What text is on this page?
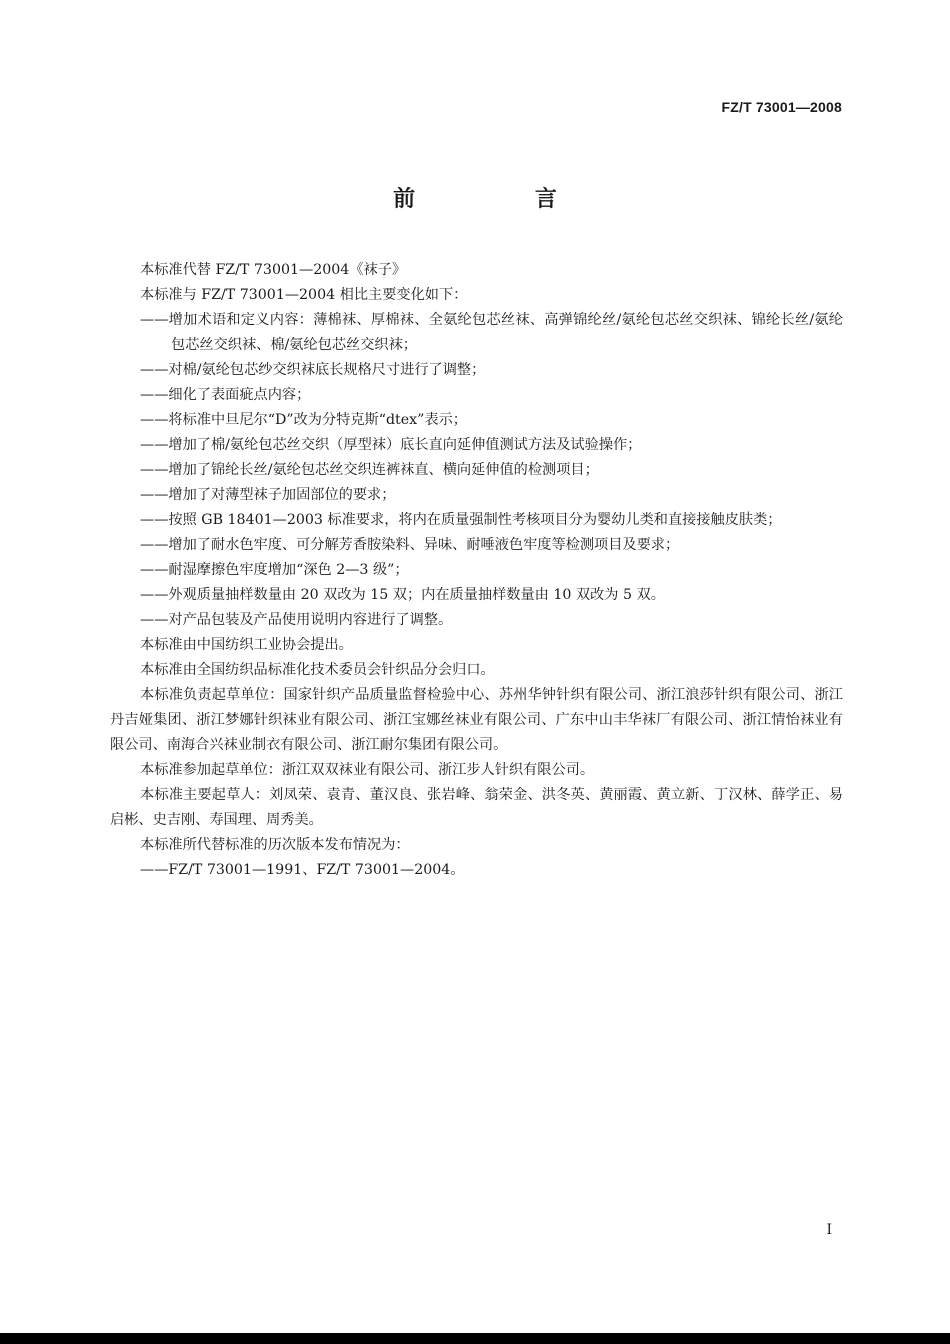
FZ/T 73001—2008
前 言

本标准代替 FZ/T 73001—2004《袜子》

本标准与 FZ/T 73001—2004 相比主要变化如下：

——增加术语和定义内容：薄棉袜、厚棉袜、全氨纶包芯丝袜、高弹锦纶丝/氨纶包芯丝交织袜、锦纶长丝/氨纶包芯丝交织袜、棉/氨纶包芯丝交织袜；

——对棉/氨纶包芯纱交织袜底长规格尺寸进行了调整；

——细化了表面疵点内容；

——将标准中旦尼尔“D”改为分特克斯“dtex”表示；

——增加了棉/氨纶包芯丝交织（厚型袜）底长直向延伸值测试方法及试验操作；

——增加了锦纶长丝/氨纶包芯丝交织连裤袜直、横向延伸值的检测项目；

——增加了对薄型袜子加固部位的要求；

——按照 GB 18401—2003 标准要求，将内在质量强制性考核项目分为婴幼儿类和直接接触皮肤类；

——增加了耐水色牢度、可分解芳香胺染料、异味、耐唾液色牢度等检测项目及要求；

——耐湿摩擦色牢度增加“深色 2—3 级”；

——外观质量抽样数量由 20 双改为 15 双；内在质量抽样数量由 10 双改为 5 双。

——对产品包装及产品使用说明内容进行了调整。

本标准由中国纺织工业协会提出。

本标准由全国纺织品标准化技术委员会针织品分会归口。

本标准负责起草单位：国家针织产品质量监督检验中心、苏州华钟针织有限公司、浙江浪莎针织有限公司、浙江丹吉娅集团、浙江梦娜针织袜业有限公司、浙江宝娜丝袜业有限公司、广东中山丰华袜厂有限公司、浙江情怡袜业有限公司、南海合兴袜业制衣有限公司、浙江耐尔集团有限公司。

本标准参加起草单位：浙江双双袜业有限公司、浙江步人针织有限公司。

本标准主要起草人：刘凤荣、袁青、董汉良、张岩峰、翁荣金、洪冬英、黄丽霞、黄立新、丁汉林、薛学正、易启彬、史吉刚、寿国理、周秀美。

本标准所代替标准的历次版本发布情况为：

——FZ/T 73001—1991、FZ/T 73001—2004。

I
